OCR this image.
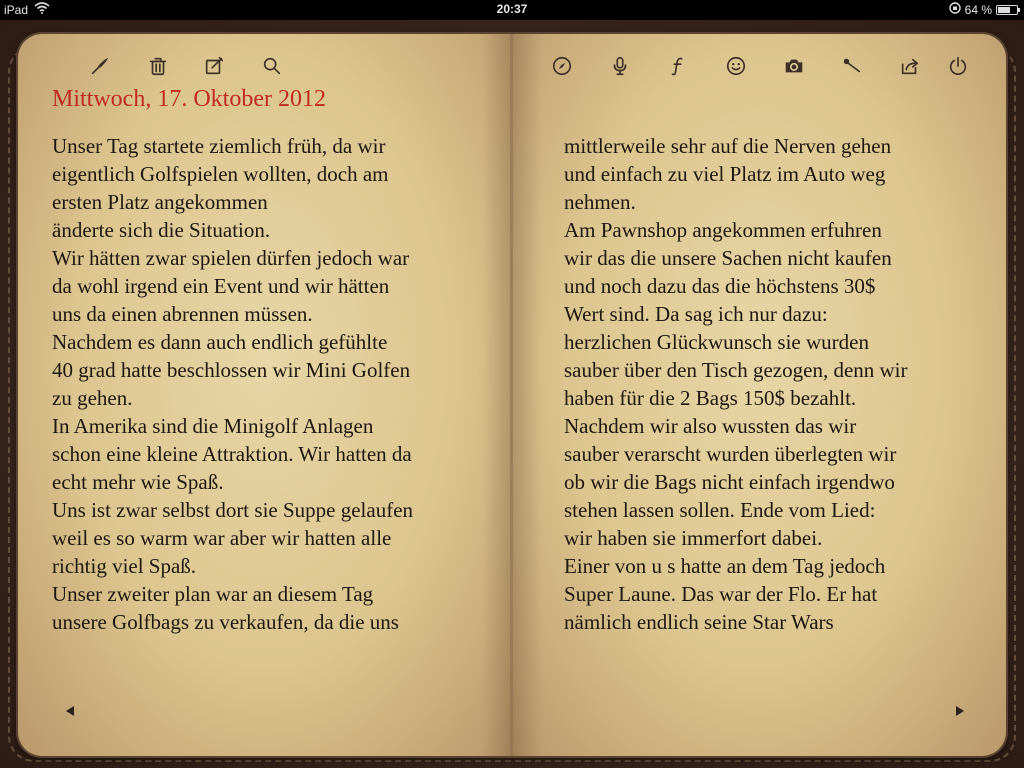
iPad	20:37	64 %
Mittwoch, 17. Oktober 2012
Unser Tag startete ziemlich früh, da wir
eigentlich Golfspielen wollten, doch am
ersten Platz angekommen
änderte sich die Situation.
Wir hätten zwar spielen dürfen jedoch war
da wohl irgend ein Event und wir hätten
uns da einen abrennen müssen.
Nachdem es dann auch endlich gefühlte
40 grad hatte beschlossen wir Mini Golfen
zu gehen.
In Amerika sind die Minigolf Anlagen
schon eine kleine Attraktion. Wir hatten da
echt mehr wie Spaß.
Uns ist zwar selbst dort sie Suppe gelaufen
weil es so warm war aber wir hatten alle
richtig viel Spaß.
Unser zweiter plan war an diesem Tag
unsere Golfbags zu verkaufen, da die uns
mittlerweile sehr auf die Nerven gehen
und einfach zu viel Platz im Auto weg
nehmen.
Am Pawnshop angekommen erfuhren
wir das die unsere Sachen nicht kaufen
und noch dazu das die höchstens 30$
Wert sind. Da sag ich nur dazu:
herzlichen Glückwunsch sie wurden
sauber über den Tisch gezogen, denn wir
haben für die 2 Bags 150$ bezahlt.
Nachdem wir also wussten das wir
sauber verarscht wurden überlegten wir
ob wir die Bags nicht einfach irgendwo
stehen lassen sollen. Ende vom Lied:
wir haben sie immerfort dabei.
Einer von u s hatte an dem Tag jedoch
Super Laune. Das war der Flo. Er hat
nämlich endlich seine Star Wars
